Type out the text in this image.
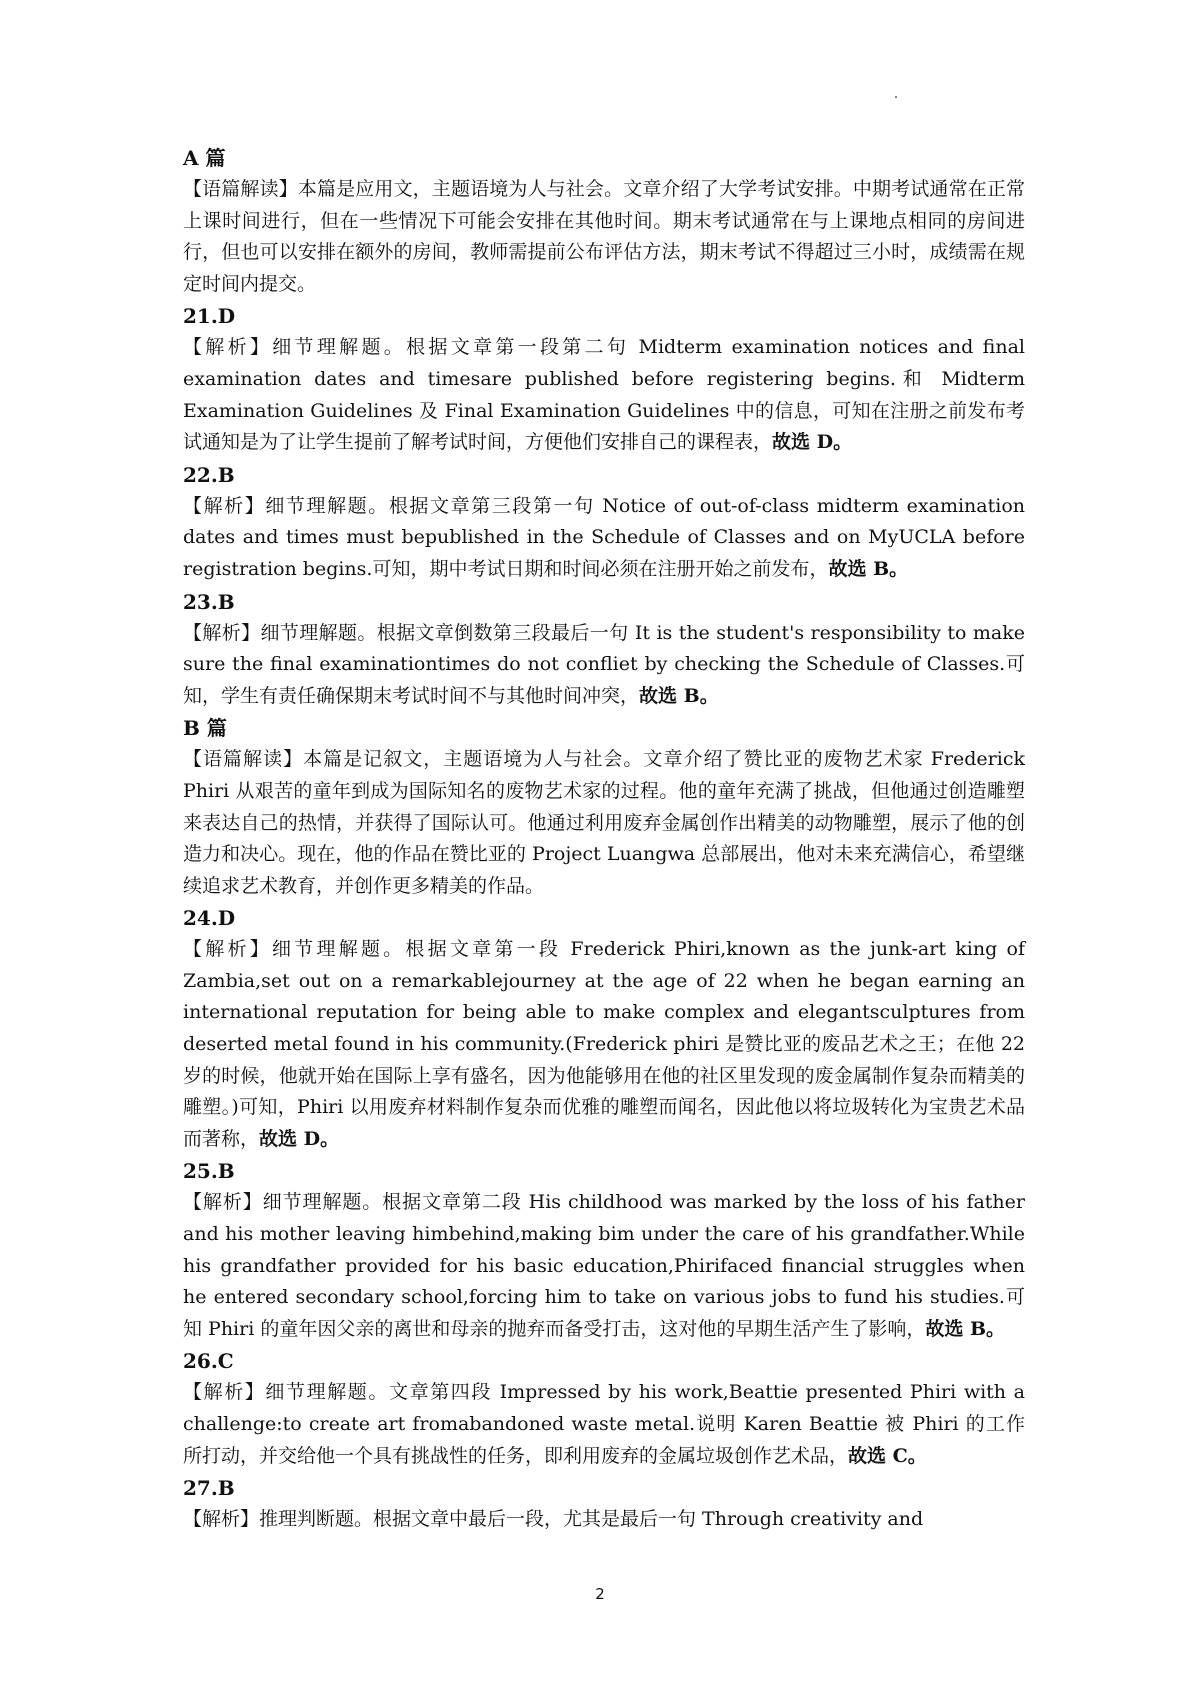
A 篇

【语篇解读】本篇是应用文，主题语境为人与社会。文章介绍了大学考试安排。中期考试通常在正常上课时间进行，但在一些情况下可能会安排在其他时间。期末考试通常在与上课地点相同的房间进行，但也可以安排在额外的房间，教师需提前公布评估方法，期末考试不得超过三小时，成绩需在规定时间内提交。

21.D

【解析】细节理解题。根据文章第一段第二句 Midterm examination notices and final examination dates and timesare published before registering begins.和 Midterm Examination Guidelines 及 Final Examination Guidelines 中的信息，可知在注册之前发布考试通知是为了让学生提前了解考试时间，方便他们安排自己的课程表，故选 D。

22.B

【解析】细节理解题。根据文章第三段第一句 Notice of out-of-class midterm examination dates and times must bepublished in the Schedule of Classes and on MyUCLA before registration begins.可知，期中考试日期和时间必须在注册开始之前发布，故选 B。

23.B

【解析】细节理解题。根据文章倒数第三段最后一句 It is the student's responsibility to make sure the final examinationtimes do not confliet by checking the Schedule of Classes.可知，学生有责任确保期末考试时间不与其他时间冲突，故选 B。

B 篇

【语篇解读】本篇是记叙文，主题语境为人与社会。文章介绍了赞比亚的废物艺术家 Frederick Phiri 从艰苦的童年到成为国际知名的废物艺术家的过程。他的童年充满了挑战，但他通过创造雕塑来表达自己的热情，并获得了国际认可。他通过利用废弃金属创作出精美的动物雕塑，展示了他的创造力和决心。现在，他的作品在赞比亚的 Project Luangwa 总部展出，他对未来充满信心，希望继续追求艺术教育，并创作更多精美的作品。

24.D

【解析】细节理解题。根据文章第一段 Frederick Phiri,known as the junk-art king of Zambia,set out on a remarkablejourney at the age of 22 when he began earning an international reputation for being able to make complex and elegantsculptures from deserted metal found in his community.(Frederick phiri 是赞比亚的废品艺术之王；在他 22 岁的时候，他就开始在国际上享有盛名，因为他能够用在他的社区里发现的废金属制作复杂而精美的雕塑。)可知，Phiri 以用废弃材料制作复杂而优雅的雕塑而闻名，因此他以将垃圾转化为宝贵艺术品而著称，故选 D。

25.B

【解析】细节理解题。根据文章第二段 His childhood was marked by the loss of his father and his mother leaving himbehind,making bim under the care of his grandfather.While his grandfather provided for his basic education,Phirifaced financial struggles when he entered secondary school,forcing him to take on various jobs to fund his studies.可知 Phiri 的童年因父亲的离世和母亲的抛弃而备受打击，这对他的早期生活产生了影响，故选 B。

26.C

【解析】细节理解题。文章第四段 Impressed by his work,Beattie presented Phiri with a challenge:to create art fromabandoned waste metal.说明 Karen Beattie 被 Phiri 的工作所打动，并交给他一个具有挑战性的任务，即利用废弃的金属垃圾创作艺术品，故选 C。

27.B

【解析】推理判断题。根据文章中最后一段，尤其是最后一句 Through creativity and

2
